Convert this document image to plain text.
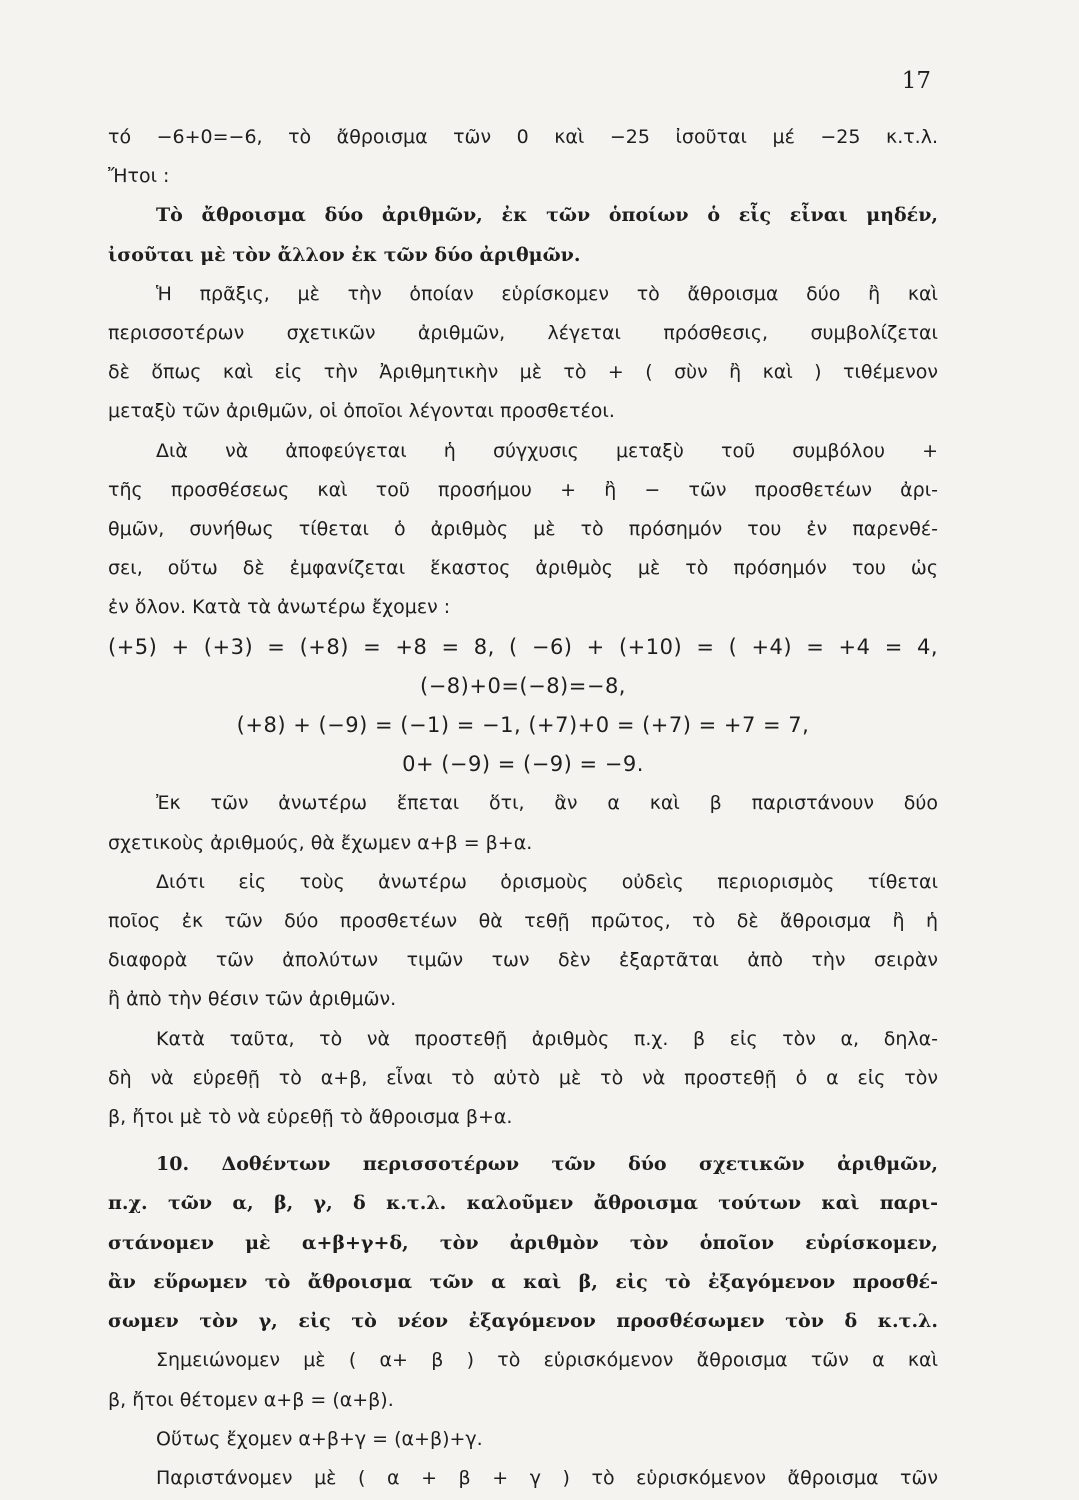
17
τό −6+0=−6, τὸ ἄθροισμα τῶν 0 καὶ −25 ἰσοῦται μέ −25 κ.τ.λ.
Ἤτοι :
Τὸ ἄθροισμα δύο ἀριθμῶν, ἐκ τῶν ὁποίων ὁ εἷς εἶναι μηδέν,
ἰσοῦται μὲ τὸν ἄλλον ἐκ τῶν δύο ἀριθμῶν.
Ἡ πρᾶξις, μὲ τὴν ὁποίαν εὑρίσκομεν τὸ ἄθροισμα δύο ἢ καὶ
περισσοτέρων σχετικῶν ἀριθμῶν, λέγεται πρόσθεσις, συμβολίζεται
δὲ ὅπως καὶ εἰς τὴν Ἀριθμητικὴν μὲ τὸ + ( σὺν ἢ καὶ ) τιθέμενον
μεταξὺ τῶν ἀριθμῶν, οἱ ὁποῖοι λέγονται προσθετέοι.
Διὰ νὰ ἀποφεύγεται ἡ σύγχυσις μεταξὺ τοῦ συμβόλου +
τῆς προσθέσεως καὶ τοῦ προσήμου + ἢ − τῶν προσθετέων ἀρι-
θμῶν, συνήθως τίθεται ὁ ἀριθμὸς μὲ τὸ πρόσημόν του ἐν παρενθέ-
σει, οὕτω δὲ ἐμφανίζεται ἕκαστος ἀριθμὸς μὲ τὸ πρόσημόν του ὡς
ἐν ὅλον. Κατὰ τὰ ἀνωτέρω ἔχομεν :
(+5) + (+3) = (+8) = +8 = 8, ( −6) + (+10) = ( +4) = +4 = 4,
(−8)+0=(−8)=−8,
(+8) + (−9) = (−1) = −1, (+7)+0 = (+7) = +7 = 7,
0+ (−9) = (−9) = −9.
Ἐκ τῶν ἀνωτέρω ἕπεται ὅτι, ἂν α καὶ β παριστάνουν δύο
σχετικοὺς ἀριθμούς, θὰ ἔχωμεν α+β = β+α.
Διότι εἰς τοὺς ἀνωτέρω ὁρισμοὺς οὐδεὶς περιορισμὸς τίθεται
ποῖος ἐκ τῶν δύο προσθετέων θὰ τεθῇ πρῶτος, τὸ δὲ ἄθροισμα ἢ ἡ
διαφορὰ τῶν ἀπολύτων τιμῶν των δὲν ἐξαρτᾶται ἀπὸ τὴν σειρὰν
ἢ ἀπὸ τὴν θέσιν τῶν ἀριθμῶν.
Κατὰ ταῦτα, τὸ νὰ προστεθῇ ἀριθμὸς π.χ. β εἰς τὸν α, δηλα-
δὴ νὰ εὑρεθῇ τὸ α+β, εἶναι τὸ αὐτὸ μὲ τὸ νὰ προστεθῇ ὁ α εἰς τὸν
β, ἤτοι μὲ τὸ νὰ εὑρεθῇ τὸ ἄθροισμα β+α.
10. Δοθέντων περισσοτέρων τῶν δύο σχετικῶν ἀριθμῶν,
π.χ. τῶν α, β, γ, δ κ.τ.λ. καλοῦμεν ἄθροισμα τούτων καὶ παρι-
στάνομεν μὲ α+β+γ+δ, τὸν ἀριθμὸν τὸν ὁποῖον εὑρίσκομεν,
ἂν εὕρωμεν τὸ ἄθροισμα τῶν α καὶ β, εἰς τὸ ἐξαγόμενον προσθέ-
σωμεν τὸν γ, εἰς τὸ νέον ἐξαγόμενον προσθέσωμεν τὸν δ κ.τ.λ.
Σημειώνομεν μὲ ( α+ β ) τὸ εὑρισκόμενον ἄθροισμα τῶν α καὶ
β, ἤτοι θέτομεν α+β = (α+β).
Οὕτως ἔχομεν α+β+γ = (α+β)+γ.
Παριστάνομεν μὲ ( α + β + γ ) τὸ εὑρισκόμενον ἄθροισμα τῶν
